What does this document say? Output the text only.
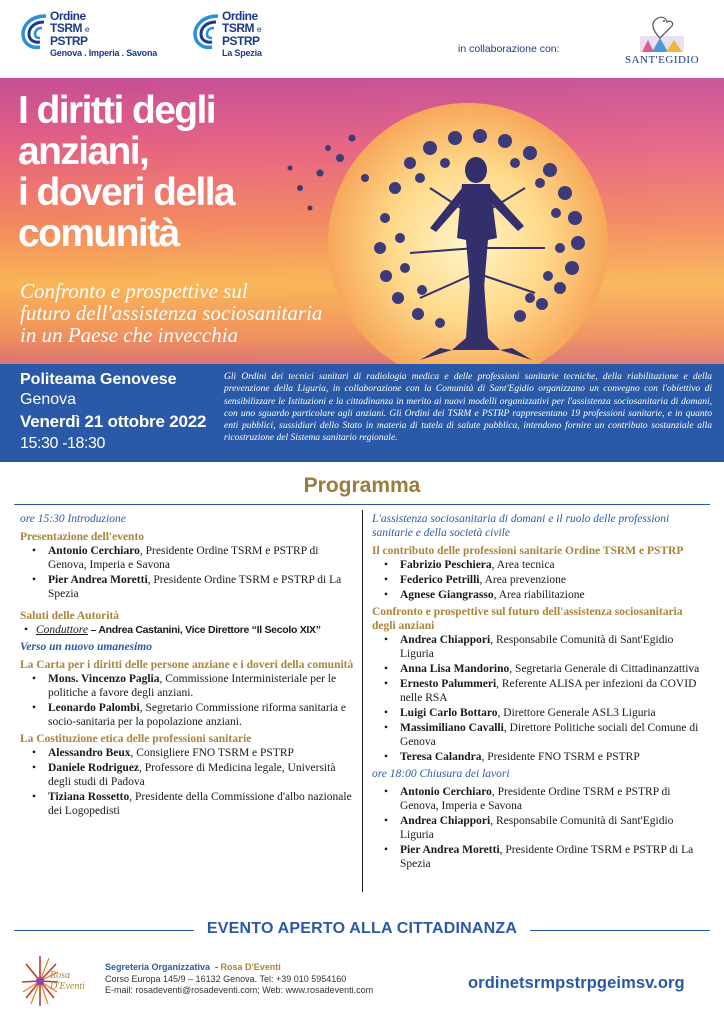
Ordine
TSRM e
PSTRP
Genova . Imperia . Savona
Ordine
TSRM e
PSTRP
La Spezia	in collaborazione con:
SANT'EGIDIO
I diritti degli
anziani,
i doveri della
comunità
Confronto e prospettive sul
futuro dell'assistenza sociosanitaria
in un Paese che invecchia
Politeama Genovese
Genova
Venerdì 21 ottobre 2022
15:30 -18:30
Gli Ordini dei tecnici sanitari di radiologia medica e delle professioni sanitarie tecniche, della riabilitazione e della prevenzione della Liguria, in collaborazione con la Comunità di Sant'Egidio organizzano un convegno con l'obiettivo di sensibilizzare le Istituzioni e la cittadinanza in merito ai nuovi modelli organizzativi per l'assistenza sociosanitaria di domani, con uno sguardo particolare agli anziani. Gli Ordini dei TSRM e PSTRP rappresentano 19 professioni sanitarie, e in quanto enti pubblici, sussidiari dello Stato in materia di tutela di salute pubblica, intendono fornire un contributo sostanziale alla ricostruzione del Sistema sanitario regionale.
Programma
ore 15:30 Introduzione
Presentazione dell'evento
• Antonio Cerchiaro, Presidente Ordine TSRM e PSTRP di Genova, Imperia e Savona
• Pier Andrea Moretti, Presidente Ordine TSRM e PSTRP di La Spezia
Saluti delle Autorità
• Conduttore – Andrea Castanini, Vice Direttore “Il Secolo XIX”
Verso un nuovo umanesimo
La Carta per i diritti delle persone anziane e i doveri della comunità
• Mons. Vincenzo Paglia, Commissione Interministeriale per le politiche a favore degli anziani.
• Leonardo Palombi, Segretario Commissione riforma sanitaria e socio-sanitaria per la popolazione anziani.
La Costituzione etica delle professioni sanitarie
• Alessandro Beux, Consigliere FNO TSRM e PSTRP
• Daniele Rodriguez, Professore di Medicina legale, Università degli studi di Padova
• Tiziana Rossetto, Presidente della Commissione d'albo nazionale dei Logopedisti
L'assistenza sociosanitaria di domani e il ruolo delle professioni sanitarie e della società civile
Il contributo delle professioni sanitarie Ordine TSRM e PSTRP
• Fabrizio Peschiera, Area tecnica
• Federico Petrilli, Area prevenzione
• Agnese Giangrasso, Area riabilitazione
Confronto e prospettive sul futuro dell'assistenza sociosanitaria degli anziani
• Andrea Chiappori, Responsabile Comunità di Sant'Egidio Liguria
• Anna Lisa Mandorino, Segretaria Generale di Cittadinanzattiva
• Ernesto Palummeri, Referente ALISA per infezioni da COVID nelle RSA
• Luigi Carlo Bottaro, Direttore Generale ASL3 Liguria
• Massimiliano Cavalli, Direttore Politiche sociali del Comune di Genova
• Teresa Calandra, Presidente FNO TSRM e PSTRP
ore 18:00 Chiusura dei lavori
• Antonio Cerchiaro, Presidente Ordine TSRM e PSTRP di Genova, Imperia e Savona
• Andrea Chiappori, Responsabile Comunità di Sant'Egidio Liguria
• Pier Andrea Moretti, Presidente Ordine TSRM e PSTRP di La Spezia
EVENTO APERTO ALLA CITTADINANZA
Rosa
D'Eventi
Segreteria Organizzativa  - Rosa D'Eventi
Corso Europa 145/9 – 16132 Genova. Tel: +39 010 5954160
E-mail: rosadeventi@rosadeventi.com; Web: www.rosadeventi.com	ordinetsrmpstrpgeimsv.org
